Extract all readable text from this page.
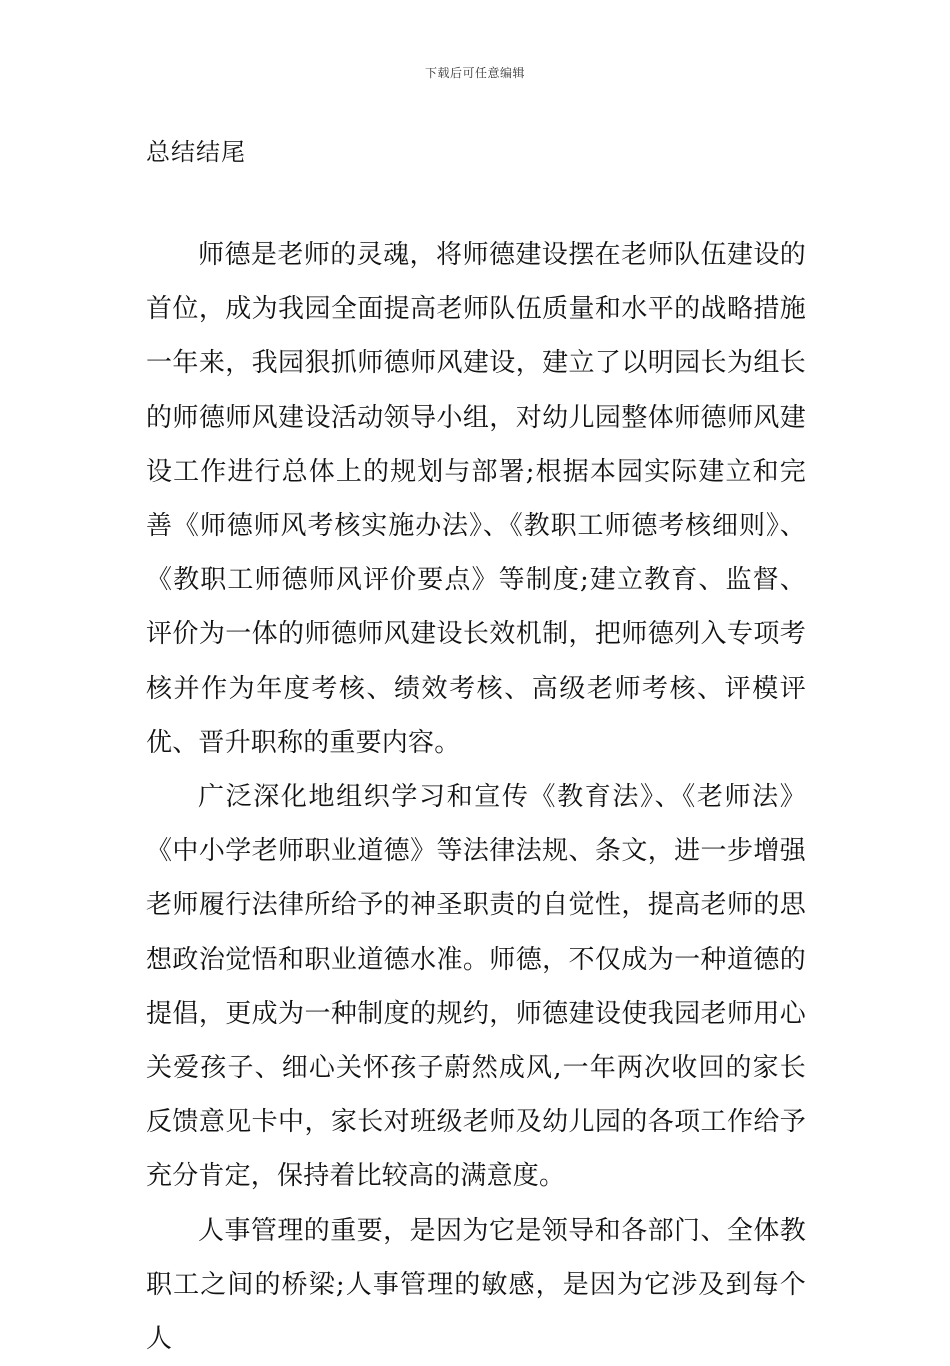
下载后可任意编辑
总结结尾

师德是老师的灵魂，将师德建设摆在老师队伍建设的首位，成为我园全面提高老师队伍质量和水平的战略措施一年来，我园狠抓师德师风建设，建立了以明园长为组长的师德师风建设活动领导小组，对幼儿园整体师德师风建设工作进行总体上的规划与部署;根据本园实际建立和完善《师德师风考核实施办法》、《教职工师德考核细则》、《教职工师德师风评价要点》等制度;建立教育、监督、评价为一体的师德师风建设长效机制，把师德列入专项考核并作为年度考核、绩效考核、高级老师考核、评模评优、晋升职称的重要内容。

广泛深化地组织学习和宣传《教育法》、《老师法》《中小学老师职业道德》等法律法规、条文，进一步增强老师履行法律所给予的神圣职责的自觉性，提高老师的思想政治觉悟和职业道德水准。师德，不仅成为一种道德的提倡，更成为一种制度的规约，师德建设使我园老师用心关爱孩子、细心关怀孩子蔚然成风,一年两次收回的家长反馈意见卡中，家长对班级老师及幼儿园的各项工作给予充分肯定，保持着比较高的满意度。

人事管理的重要，是因为它是领导和各部门、全体教职工之间的桥梁;人事管理的敏感，是因为它涉及到每个人
